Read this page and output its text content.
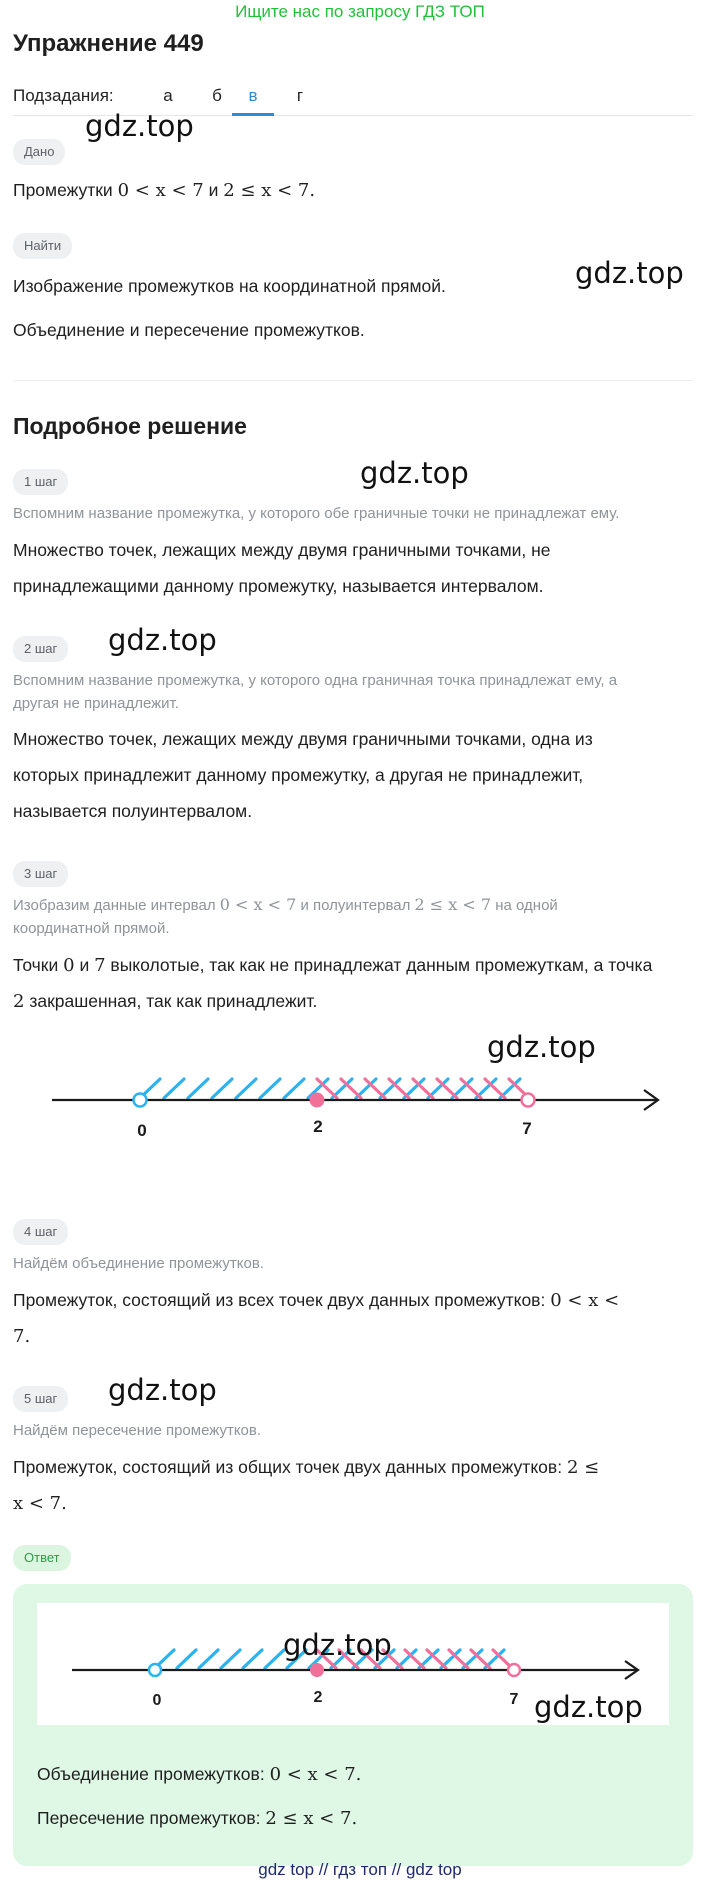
Ищите нас по запросу ГДЗ ТОП
Упражнение 449
Подзадания:	а	б	в	г
gdz.top
gdz.top
gdz.top
gdz.top
gdz.top
gdz.top
Дано
Промежутки 0 < x < 7 и 2 ≤ x < 7.
Найти
Изображение промежутков на координатной прямой.
Объединение и пересечение промежутков.
Подробное решение
1 шаг
Вспомним название промежутка, у которого обе граничные точки не принадлежат ему.
Множество точек, лежащих между двумя граничными точками, не
принадлежащими данному промежутку, называется интервалом.
2 шаг
Вспомним название промежутка, у которого одна граничная точка принадлежат ему, а
другая не принадлежит.
Множество точек, лежащих между двумя граничными точками, одна из
которых принадлежит данному промежутку, а другая не принадлежит,
называется полуинтервалом.
3 шаг
Изобразим данные интервал 0 < x < 7 и полуинтервал 2 ≤ x < 7 на одной
координатной прямой.
Точки 0 и 7 выколотые, так как не принадлежат данным промежуткам, а точка
2 закрашенная, так как принадлежит.
0	2	7
4 шаг
Найдём объединение промежутков.
Промежуток, состоящий из всех точек двух данных промежутков: 0 < x <
7.
5 шаг
Найдём пересечение промежутков.
Промежуток, состоящий из общих точек двух данных промежутков: 2 ≤
x < 7.
Ответ
0	2	7
gdz.top
gdz.top
Объединение промежутков: 0 < x < 7.
Пересечение промежутков: 2 ≤ x < 7.
gdz top // гдз топ // gdz top
